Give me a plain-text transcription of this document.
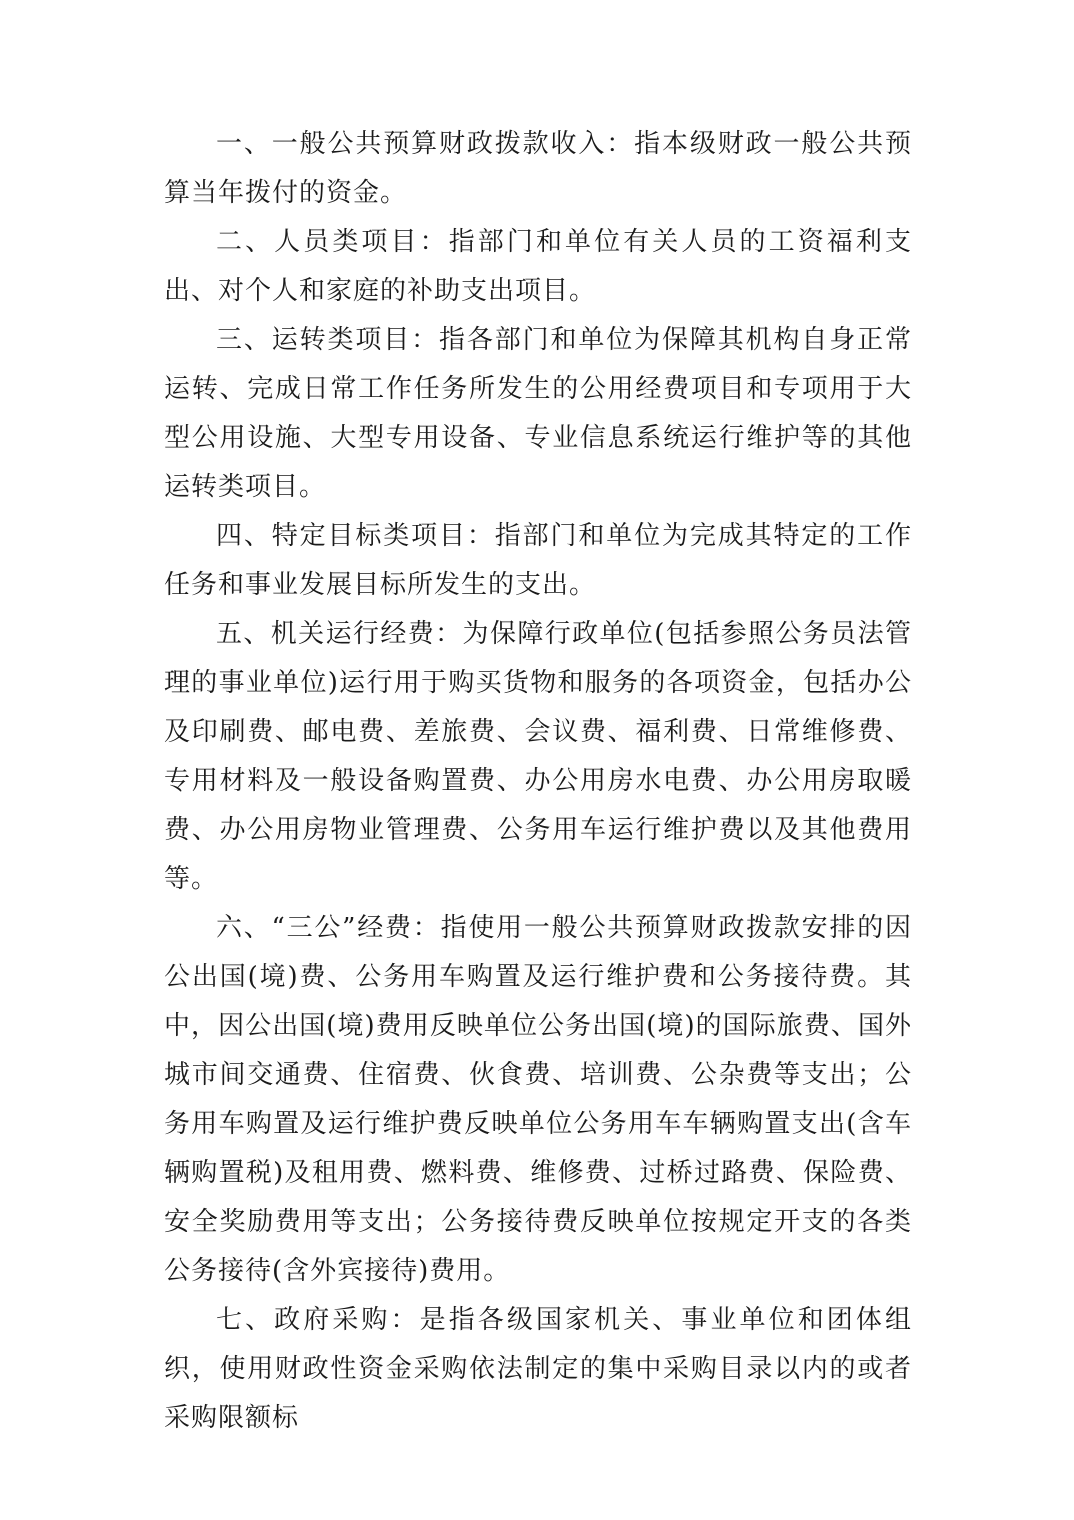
一、一般公共预算财政拨款收入：指本级财政一般公共预算当年拨付的资金。

二、人员类项目：指部门和单位有关人员的工资福利支出、对个人和家庭的补助支出项目。

三、运转类项目：指各部门和单位为保障其机构自身正常运转、完成日常工作任务所发生的公用经费项目和专项用于大型公用设施、大型专用设备、专业信息系统运行维护等的其他运转类项目。

四、特定目标类项目：指部门和单位为完成其特定的工作任务和事业发展目标所发生的支出。

五、机关运行经费：为保障行政单位(包括参照公务员法管理的事业单位)运行用于购买货物和服务的各项资金，包括办公及印刷费、邮电费、差旅费、会议费、福利费、日常维修费、专用材料及一般设备购置费、办公用房水电费、办公用房取暖费、办公用房物业管理费、公务用车运行维护费以及其他费用等。

六、“三公”经费：指使用一般公共预算财政拨款安排的因公出国(境)费、公务用车购置及运行维护费和公务接待费。其中，因公出国(境)费用反映单位公务出国(境)的国际旅费、国外城市间交通费、住宿费、伙食费、培训费、公杂费等支出；公务用车购置及运行维护费反映单位公务用车车辆购置支出(含车辆购置税)及租用费、燃料费、维修费、过桥过路费、保险费、安全奖励费用等支出；公务接待费反映单位按规定开支的各类公务接待(含外宾接待)费用。

七、政府采购：是指各级国家机关、事业单位和团体组织，使用财政性资金采购依法制定的集中采购目录以内的或者采购限额标
